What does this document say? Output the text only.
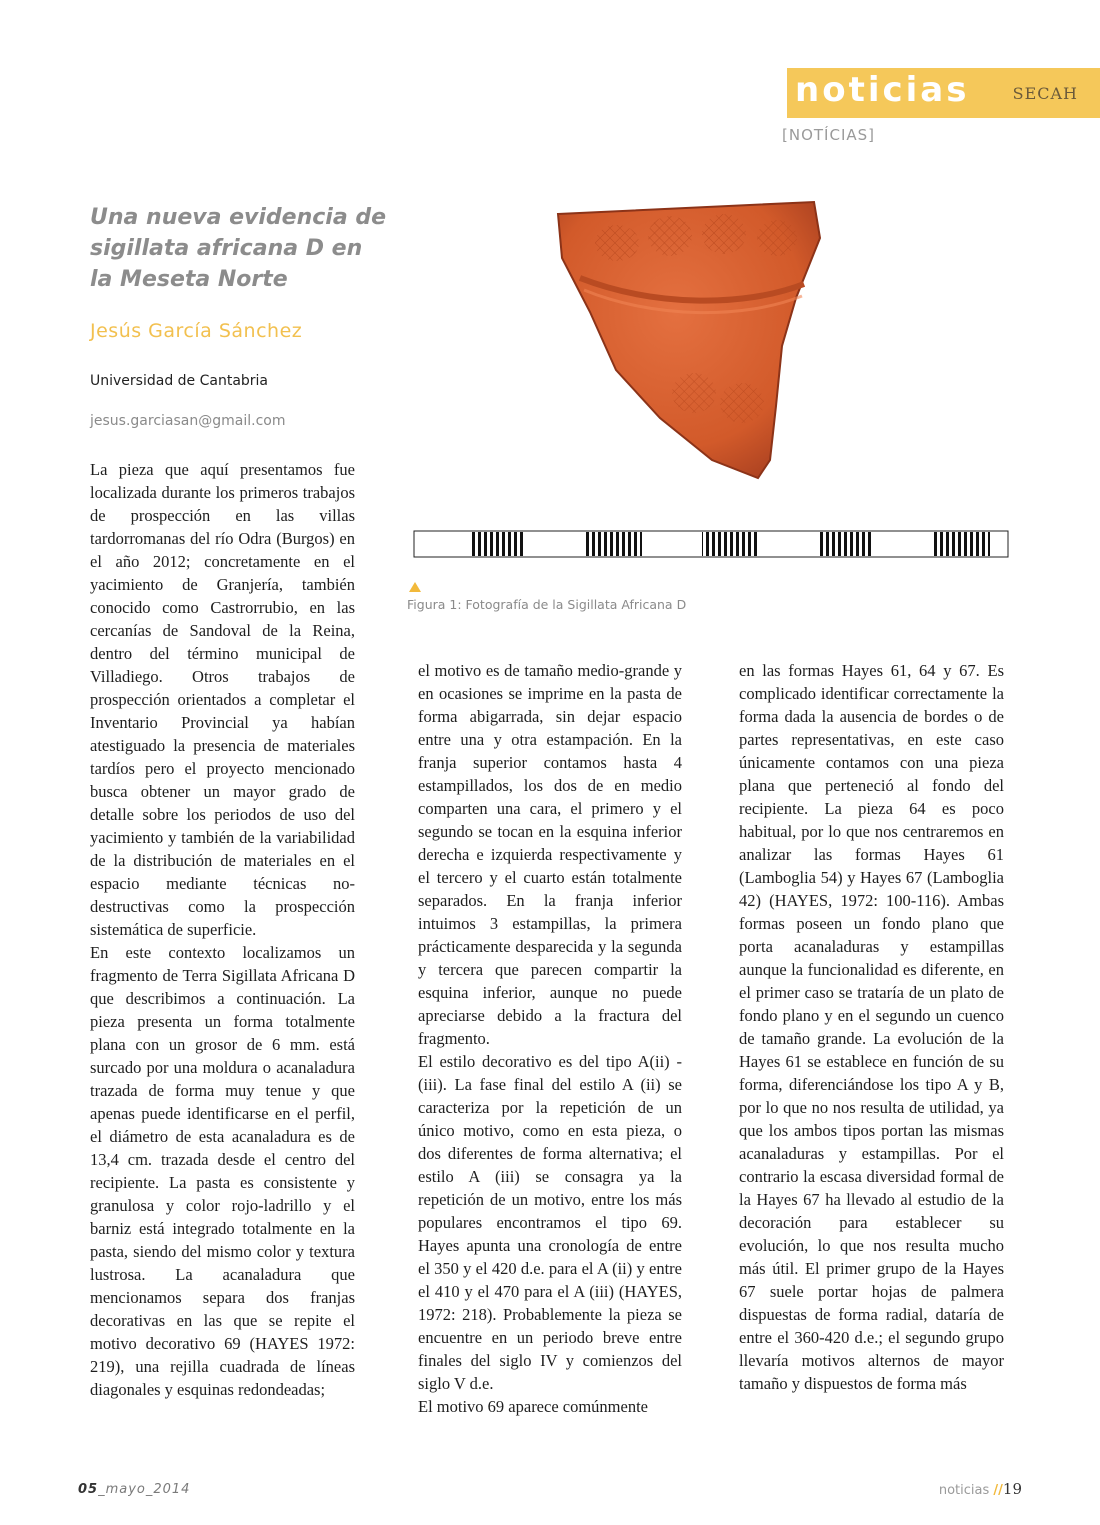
noticias	SECAH
[NOTÍCIAS]
Una nueva evidencia de sigillata africana D en la Meseta Norte
Jesús García Sánchez
Universidad de Cantabria
jesus.garciasan@gmail.com
Figura 1: Fotografía de la Sigillata Africana D

La pieza que aquí presentamos fue localizada durante los primeros trabajos de prospección en las villas tardorromanas del río Odra (Burgos) en el año 2012; concretamente en el yacimiento de Granjería, también conocido como Castrorrubio, en las cercanías de Sandoval de la Reina, dentro del término municipal de Villadiego. Otros trabajos de prospección orientados a completar el Inventario Provincial ya habían atestiguado la presencia de materiales tardíos pero el proyecto mencionado busca obtener un mayor grado de detalle sobre los periodos de uso del yacimiento y también de la variabilidad de la distribución de materiales en el espacio mediante técnicas no-destructivas como la prospección sistemática de superficie.

En este contexto localizamos un fragmento de Terra Sigillata Africana D que describimos a continuación. La pieza presenta un forma totalmente plana con un grosor de 6 mm. está surcado por una moldura o acanaladura trazada de forma muy tenue y que apenas puede identificarse en el perfil, el diámetro de esta acanaladura es de 13,4 cm. trazada desde el centro del recipiente. La pasta es consistente y granulosa y color rojo-ladrillo y el barniz está integrado totalmente en la pasta, siendo del mismo color y textura lustrosa. La acanaladura que mencionamos separa dos franjas decorativas en las que se repite el motivo decorativo 69 (HAYES 1972: 219), una rejilla cuadrada de líneas diagonales y esquinas redondeadas;

el motivo es de tamaño medio-grande y en ocasiones se imprime en la pasta de forma abigarrada, sin dejar espacio entre una y otra estampación. En la franja superior contamos hasta 4 estampillados, los dos de en medio comparten una cara, el primero y el segundo se tocan en la esquina inferior derecha e izquierda respectivamente y el tercero y el cuarto están totalmente separados. En la franja inferior intuimos 3 estampillas, la primera prácticamente desparecida y la segunda y tercera que parecen compartir la esquina inferior, aunque no puede apreciarse debido a la fractura del fragmento.

El estilo decorativo es del tipo A(ii) - (iii). La fase final del estilo A (ii) se caracteriza por la repetición de un único motivo, como en esta pieza, o dos diferentes de forma alternativa; el estilo A (iii) se consagra ya la repetición de un motivo, entre los más populares encontramos el tipo 69. Hayes apunta una cronología de entre el 350 y el 420 d.e. para el A (ii) y entre el 410 y el 470 para el A (iii) (HAYES, 1972: 218). Probablemente la pieza se encuentre en un periodo breve entre finales del siglo IV y comienzos del siglo V d.e.

El motivo 69 aparece comúnmente

en las formas Hayes 61, 64 y 67. Es complicado identificar correctamente la forma dada la ausencia de bordes o de partes representativas, en este caso únicamente contamos con una pieza plana que perteneció al fondo del recipiente. La pieza 64 es poco habitual, por lo que nos centraremos en analizar las formas Hayes 61 (Lamboglia 54) y Hayes 67 (Lamboglia 42) (HAYES, 1972: 100-116). Ambas formas poseen un fondo plano que porta acanaladuras y estampillas aunque la funcionalidad es diferente, en el primer caso se trataría de un plato de fondo plano y en el segundo un cuenco de tamaño grande. La evolución de la Hayes 61 se establece en función de su forma, diferenciándose los tipo A y B, por lo que no nos resulta de utilidad, ya que los ambos tipos portan las mismas acanaladuras y estampillas. Por el contrario la escasa diversidad formal de la Hayes 67 ha llevado al estudio de la decoración para establecer su evolución, lo que nos resulta mucho más útil. El primer grupo de la Hayes 67 suele portar hojas de palmera dispuestas de forma radial, dataría de entre el 360-420 d.e.; el segundo grupo llevaría motivos alternos de mayor tamaño y dispuestos de forma más

05_mayo_2014	noticias //19
